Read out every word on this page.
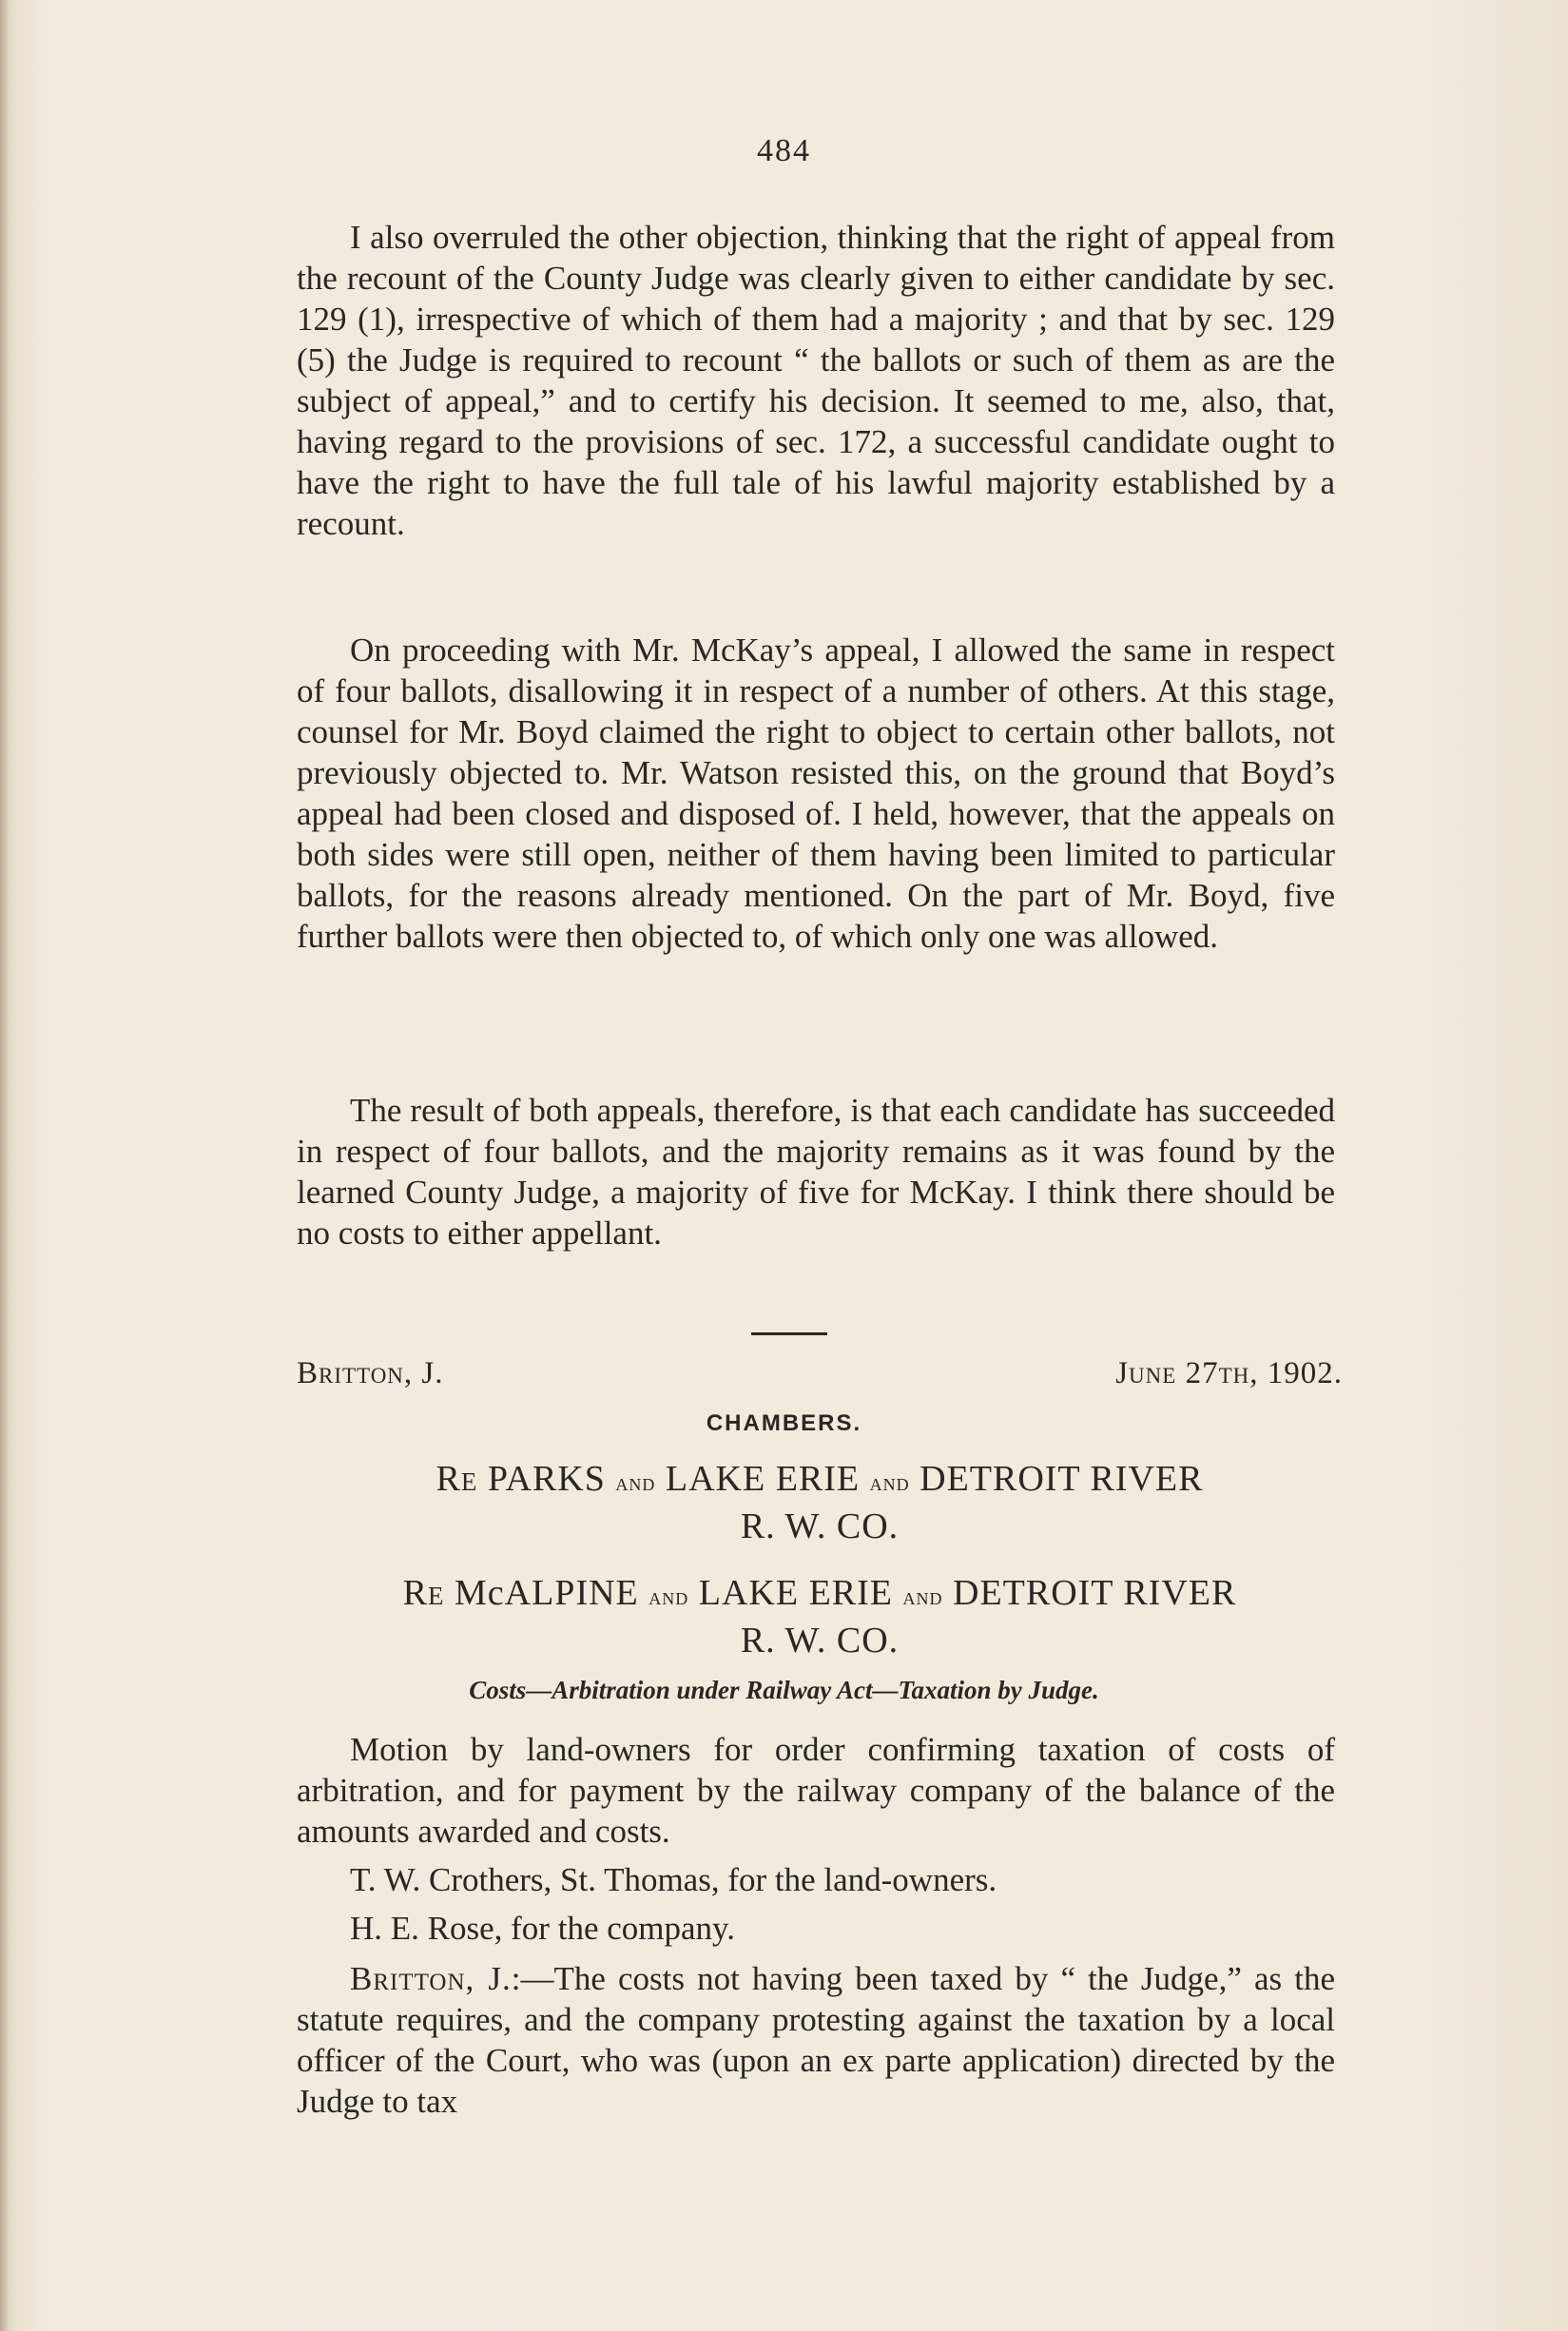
484

I also overruled the other objection, thinking that the right of appeal from the recount of the County Judge was clearly given to either candidate by sec. 129 (1), irrespective of which of them had a majority ; and that by sec. 129 (5) the Judge is required to recount “ the ballots or such of them as are the subject of appeal,” and to certify his decision. It seemed to me, also, that, having regard to the provisions of sec. 172, a successful candidate ought to have the right to have the full tale of his lawful majority established by a recount.

On proceeding with Mr. McKay’s appeal, I allowed the same in respect of four ballots, disallowing it in respect of a number of others. At this stage, counsel for Mr. Boyd claimed the right to object to certain other ballots, not previously objected to. Mr. Watson resisted this, on the ground that Boyd’s appeal had been closed and disposed of. I held, however, that the appeals on both sides were still open, neither of them having been limited to particular ballots, for the reasons already mentioned. On the part of Mr. Boyd, five further ballots were then objected to, of which only one was allowed.

The result of both appeals, therefore, is that each candidate has succeeded in respect of four ballots, and the majority remains as it was found by the learned County Judge, a majority of five for McKay. I think there should be no costs to either appellant.

Britton, J.	June 27th, 1902.
CHAMBERS.
Re PARKS and LAKE ERIE and DETROIT RIVER
R. W. CO.
Re McALPINE and LAKE ERIE and DETROIT RIVER
R. W. CO.
Costs—Arbitration under Railway Act—Taxation by Judge.

Motion by land-owners for order confirming taxation of costs of arbitration, and for payment by the railway company of the balance of the amounts awarded and costs.

T. W. Crothers, St. Thomas, for the land-owners.

H. E. Rose, for the company.

Britton, J.:—The costs not having been taxed by “ the Judge,” as the statute requires, and the company protesting against the taxation by a local officer of the Court, who was (upon an ex parte application) directed by the Judge to tax
